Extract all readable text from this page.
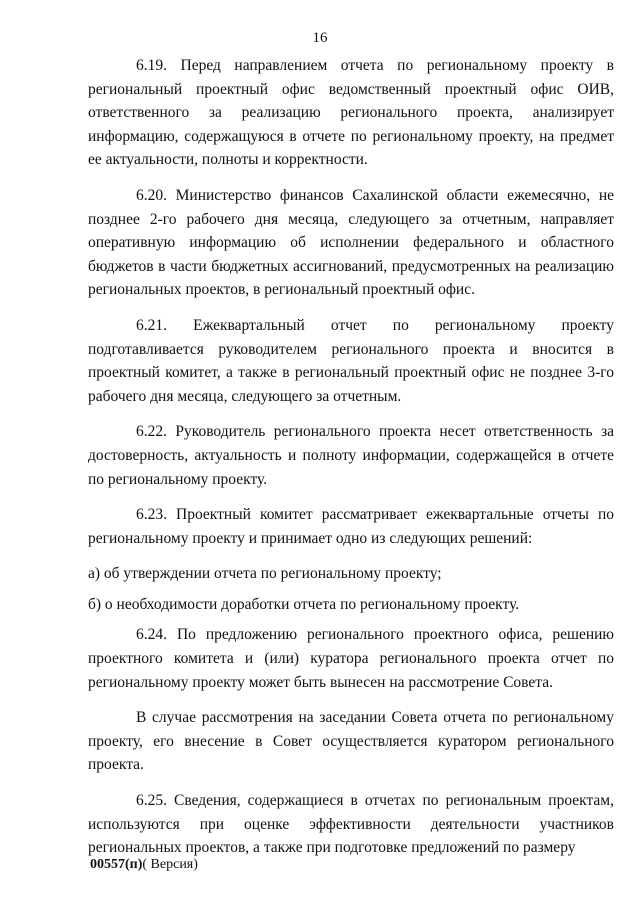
16

6.19. Перед направлением отчета по региональному проекту в региональный проектный офис ведомственный проектный офис ОИВ, ответственного за реализацию регионального проекта, анализирует информацию, содержащуюся в отчете по региональному проекту, на предмет ее актуальности, полноты и корректности.

6.20. Министерство финансов Сахалинской области ежемесячно, не позднее 2-го рабочего дня месяца, следующего за отчетным, направляет оперативную информацию об исполнении федерального и областного бюджетов в части бюджетных ассигнований, предусмотренных на реализацию региональных проектов, в региональный проектный офис.

6.21. Ежеквартальный отчет по региональному проекту подготавливается руководителем регионального проекта и вносится в проектный комитет, а также в региональный проектный офис не позднее 3-го рабочего дня месяца, следующего за отчетным.

6.22. Руководитель регионального проекта несет ответственность за достоверность, актуальность и полноту информации, содержащейся в отчете по региональному проекту.

6.23. Проектный комитет рассматривает ежеквартальные отчеты по региональному проекту и принимает одно из следующих решений:

а) об утверждении отчета по региональному проекту;

б) о необходимости доработки отчета по региональному проекту.

6.24. По предложению регионального проектного офиса, решению проектного комитета и (или) куратора регионального проекта отчет по региональному проекту может быть вынесен на рассмотрение Совета.

В случае рассмотрения на заседании Совета отчета по региональному проекту, его внесение в Совет осуществляется куратором регионального проекта.

6.25. Сведения, содержащиеся в отчетах по региональным проектам, используются при оценке эффективности деятельности участников региональных проектов, а также при подготовке предложений по размеру

00557(п)( Версия)
